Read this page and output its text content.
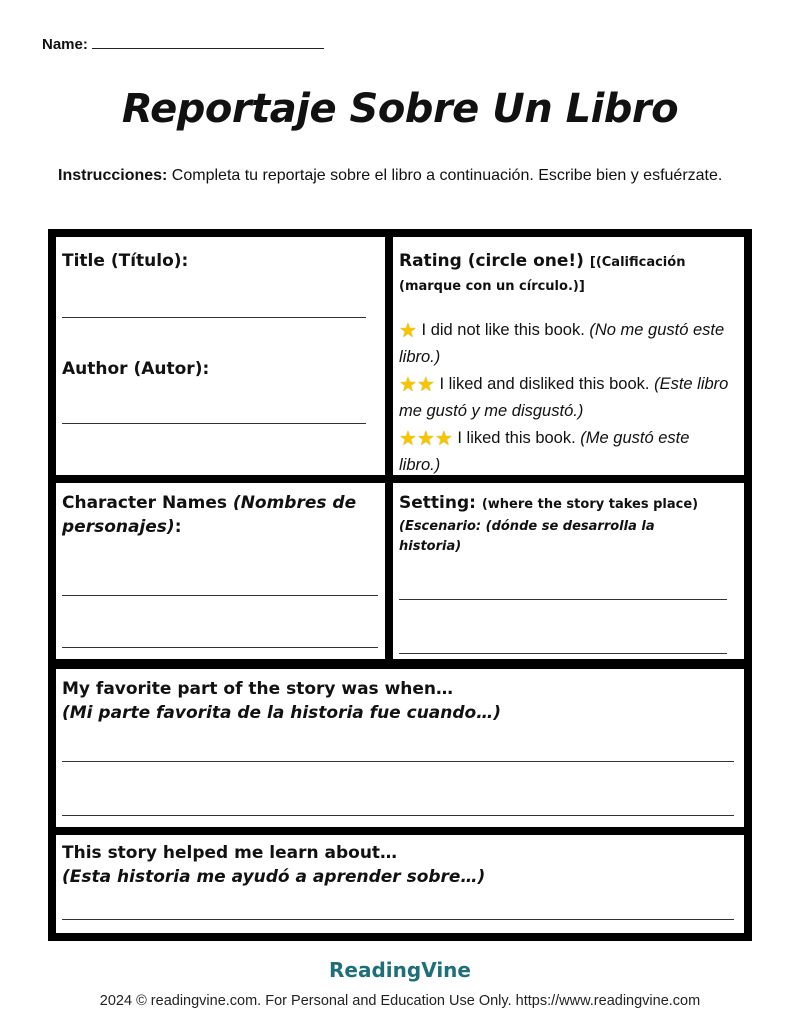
Name:
Reportaje Sobre Un Libro
Instrucciones: Completa tu reportaje sobre el libro a continuación. Escribe bien y esfuérzate.
Title (Título):
Author (Autor):
Rating (circle one!) [(Calificación (marque con un círculo.)]
★ I did not like this book. (No me gustó este libro.)
★★ I liked and disliked this book. (Este libro me gustó y me disgustó.)
★★★ I liked this book. (Me gustó este libro.)
Character Names (Nombres de personajes):
Setting: (where the story takes place)
(Escenario: (dónde se desarrolla la historia)
My favorite part of the story was when…
(Mi parte favorita de la historia fue cuando…)
This story helped me learn about…
(Esta historia me ayudó a aprender sobre…)
ReadingVine
2024 © readingvine.com. For Personal and Education Use Only. https://www.readingvine.com
